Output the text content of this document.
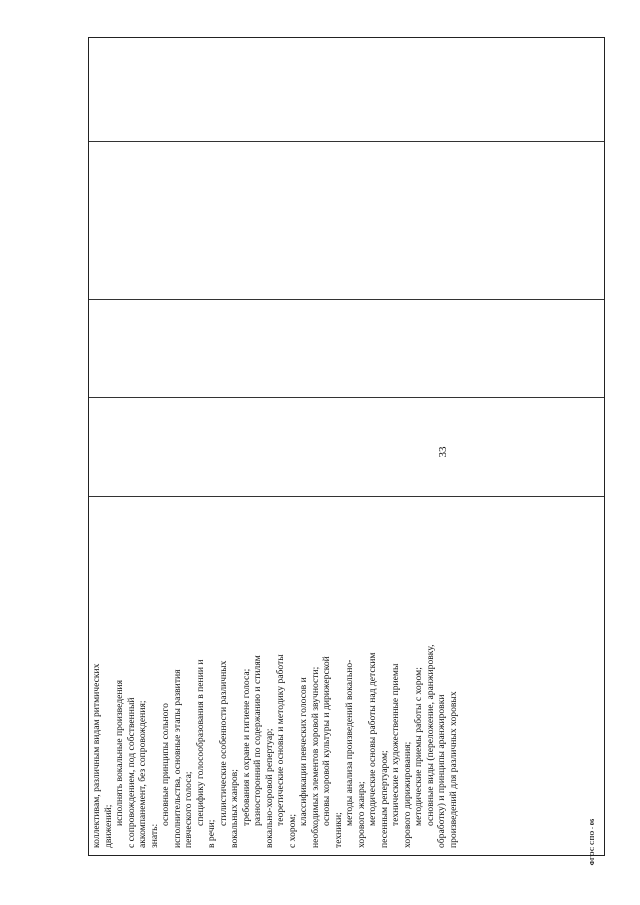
33
коллективам, различным видам ритмических движений;
исполнять вокальные произведения с сопровождением, под собственный аккомпанемент, без сопровождения; знать:
основные принципы сольного исполнительства, основные этапы развития певческого голоса; специфику голосообразования в пении и
в речи;
стилистические особенности различных вокальных жанров; требования к охране и гигиене голоса; разносторонний по содержанию и стилям вокально-хоровой репертуар; теоретические основы и методику работы
с хором;
классификации певческих голосов и необходимых элементов хоровой звучности; основы хоровой культуры и дирижерской
техники;
методы анализа произведений вокально- хорового жанра; методические основы работы над детским песенным репертуаром; технические и художественные приемы хорового дирижирования; методические приемы работы с хором; основные виды (переложение, аранжировку, обработку) и принципы аранжировки произведений для различных хоровых	ФГОС СПО - 06
